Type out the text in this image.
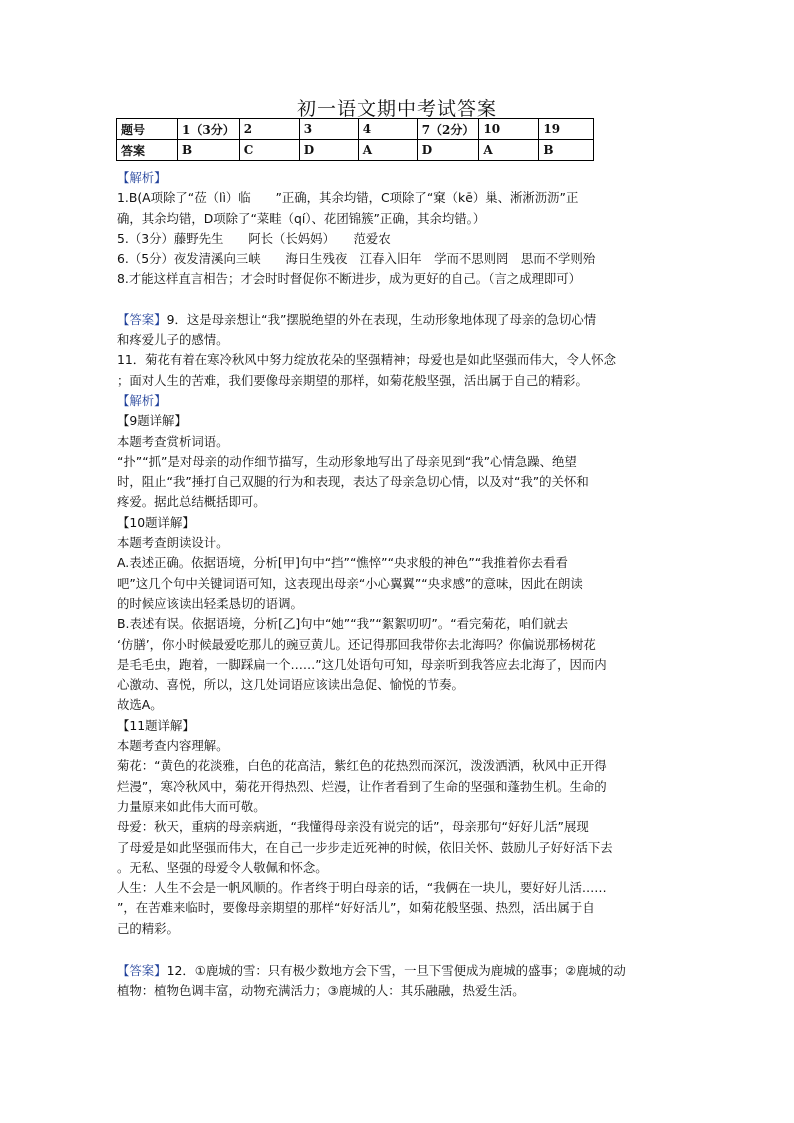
初一语文期中考试答案
题号	1（3分）	2	3	4	7（2分）	10	19
答案	B	C	D	A	D	A	B

【解析】

1.B(A项除了“莅（lì）临　　”正确，其余均错，C项除了“窠（kē）巢、淅淅沥沥”正

确，其余均错，D项除了“菜畦（qí）、花团锦簇”正确，其余均错。）

5.（3分）藤野先生　　阿长（长妈妈）　　范爱农

6.（5分）夜发清溪向三峡　　海日生残夜　江春入旧年　学而不思则罔　思而不学则殆

8.才能这样直言相告；才会时时督促你不断进步，成为更好的自己。（言之成理即可）

【答案】9．这是母亲想让“我”摆脱绝望的外在表现，生动形象地体现了母亲的急切心情

和疼爱儿子的感情。

11．菊花有着在寒冷秋风中努力绽放花朵的坚强精神；母爱也是如此坚强而伟大，令人怀念

；面对人生的苦难，我们要像母亲期望的那样，如菊花般坚强，活出属于自己的精彩。

【解析】

【9题详解】

本题考查赏析词语。

“扑”“抓”是对母亲的动作细节描写，生动形象地写出了母亲见到“我”心情急躁、绝望

时，阻止“我”捶打自己双腿的行为和表现，表达了母亲急切心情，以及对“我”的关怀和

疼爱。据此总结概括即可。

【10题详解】

本题考查朗读设计。

A.表述正确。依据语境，分析[甲]句中“挡”“憔悴”“央求般的神色”“我推着你去看看

吧”这几个句中关键词语可知，这表现出母亲“小心翼翼”“央求感”的意味，因此在朗读

的时候应该读出轻柔恳切的语调。

B.表述有误。依据语境，分析[乙]句中“她”“我”“絮絮叨叨”。“看完菊花，咱们就去

‘仿膳’，你小时候最爱吃那儿的豌豆黄儿。还记得那回我带你去北海吗？你偏说那杨树花

是毛毛虫，跑着，一脚踩扁一个……”这几处语句可知，母亲听到我答应去北海了，因而内

心激动、喜悦，所以，这几处词语应该读出急促、愉悦的节奏。

故选A。

【11题详解】

本题考查内容理解。

菊花：“黄色的花淡雅，白色的花高洁，紫红色的花热烈而深沉，泼泼洒洒，秋风中正开得

烂漫”，寒冷秋风中，菊花开得热烈、烂漫，让作者看到了生命的坚强和蓬勃生机。生命的

力量原来如此伟大而可敬。

母爱：秋天，重病的母亲病逝，“我懂得母亲没有说完的话”，母亲那句“好好儿活”展现

了母爱是如此坚强而伟大，在自己一步步走近死神的时候，依旧关怀、鼓励儿子好好活下去

。无私、坚强的母爱令人敬佩和怀念。

人生：人生不会是一帆风顺的。作者终于明白母亲的话，“我俩在一块儿，要好好儿活……

”，在苦难来临时，要像母亲期望的那样“好好活儿”，如菊花般坚强、热烈，活出属于自

己的精彩。

【答案】12．①鹿城的雪：只有极少数地方会下雪，一旦下雪便成为鹿城的盛事；②鹿城的动

植物：植物色调丰富，动物充满活力；③鹿城的人：其乐融融，热爱生活。
